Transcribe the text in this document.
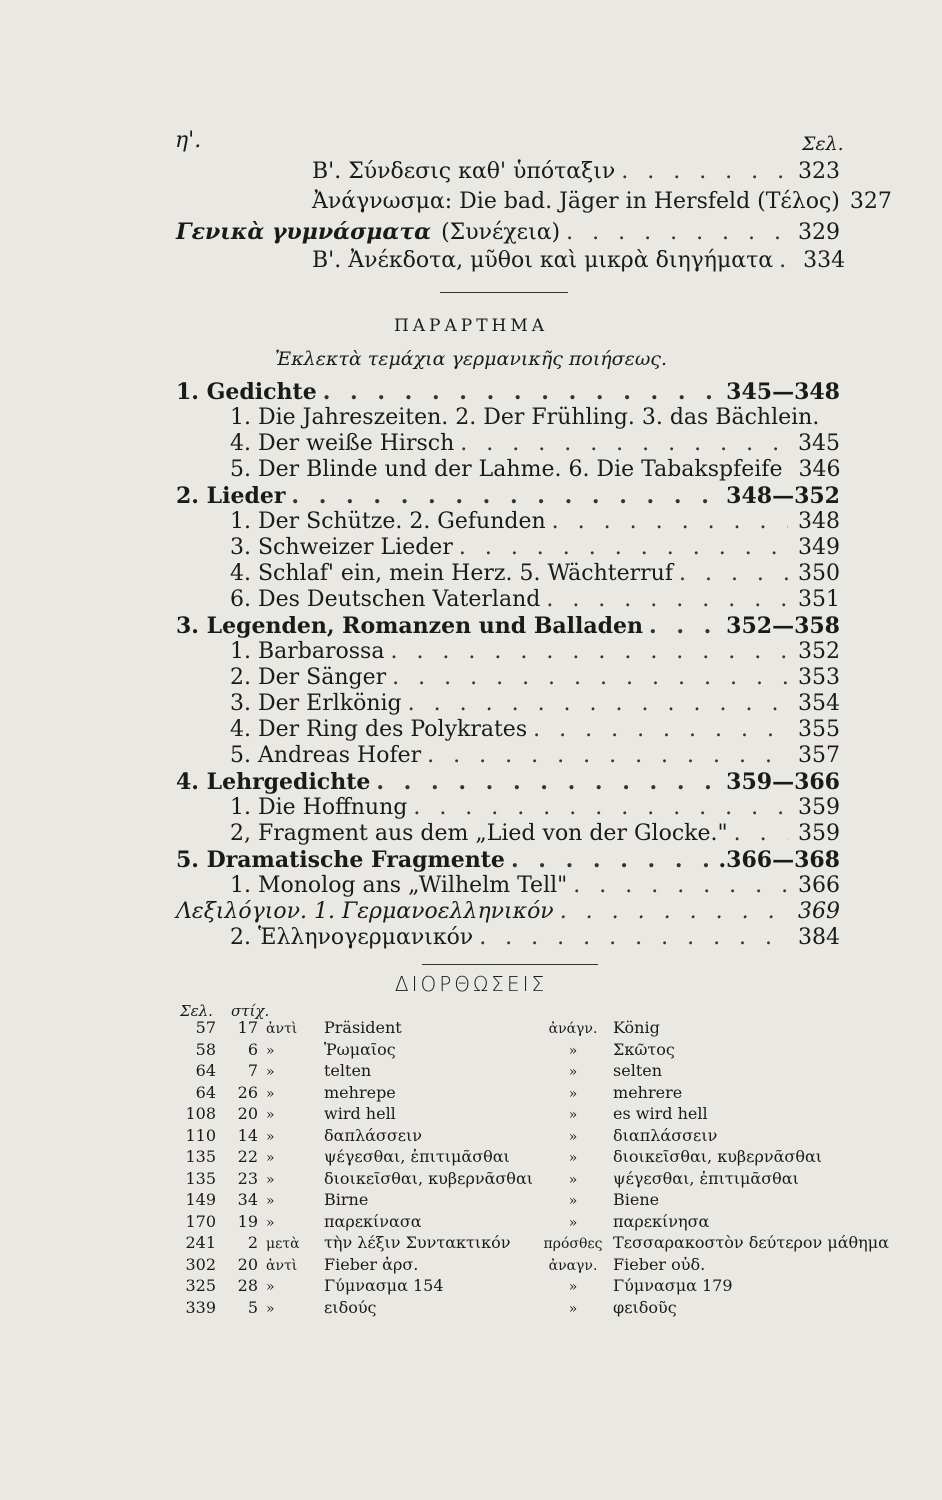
η'.	Σελ.
Β'. Σύνδεσις καθ' ὑπόταξιν . . .	323
Ἀνάγνωσμα: Die bad. Jäger in Hersfeld (Τέλος) 327
Γενικὰ γυμνάσματα (Συνέχεια) . . .	329
Β'. Ἀνέκδοτα, μῦθοι καὶ μικρὰ διηγήματα . . .	334
ΠΑΡΑΡΤΗΜΑ
Ἐκλεκτὰ τεμάχια γερμανικῆς ποιήσεως.
1. Gedichte . . .	345—348
1. Die Jahreszeiten. 2. Der Frühling. 3. das Bächlein.
4. Der weiße Hirsch . . .	345
5. Der Blinde und der Lahme. 6. Die Tabakspfeife . . . 346
2. Lieder . . .	348—352
1. Der Schütze. 2. Gefunden . . .	348
3. Schweizer Lieder . . .	349
4. Schlaf' ein, mein Herz. 5. Wächterruf . . .	350
6. Des Deutschen Vaterland . . .	351
3. Legenden, Romanzen und Balladen . . .	352—358
1. Barbarossa . . .	352
2. Der Sänger . . .	353
3. Der Erlkönig . . .	354
4. Der Ring des Polykrates . . .	355
5. Andreas Hofer . . .	357
4. Lehrgedichte . . .	359—366
1. Die Hoffnung . . .	359
2, Fragment aus dem „Lied von der Glocke." . . .	359
5. Dramatische Fragmente . . .	.366—368
1. Monolog ans „Wilhelm Tell" . . .	366
Λεξιλόγιον. 1. Γερμανοελληνικόν . . .	369
2. Ἑλληνογερμανικόν . . .	384
ΔΙΟΡΘΩΣΕΙΣ
Σελ. στίχ.
57	17	ἀντὶ	Präsident	ἀνάγν.	König
58	6	»	Ῥωμαῖος	»	Σκῶτος
64	7	»	telten	»	selten
64	26	»	mehrepe	»	mehrere
108	20	»	wird hell	»	es wird hell
110	14	»	δαπλάσσειν	»	διαπλάσσειν
135	22	»	ψέγεσθαι, ἐπιτιμᾶσθαι	»	διοικεῖσθαι, κυβερνᾶσθαι
135	23	»	διοικεῖσθαι, κυβερνᾶσθαι	»	ψέγεσθαι, ἐπιτιμᾶσθαι
149	34	»	Birne	»	Biene
170	19	»	παρεκίνασα	»	παρεκίνησα
241	2	μετὰ	τὴν λέξιν Συντακτικόν	πρόσθες	Τεσσαρακοστὸν δεύτερον μάθημα
302	20	ἀντὶ	Fieber ἀρσ.	ἀναγν.	Fieber οὐδ.
325	28	»	Γύμνασμα 154	»	Γύμνασμα 179
339	5	»	ειδούς	»	φειδοῦς
